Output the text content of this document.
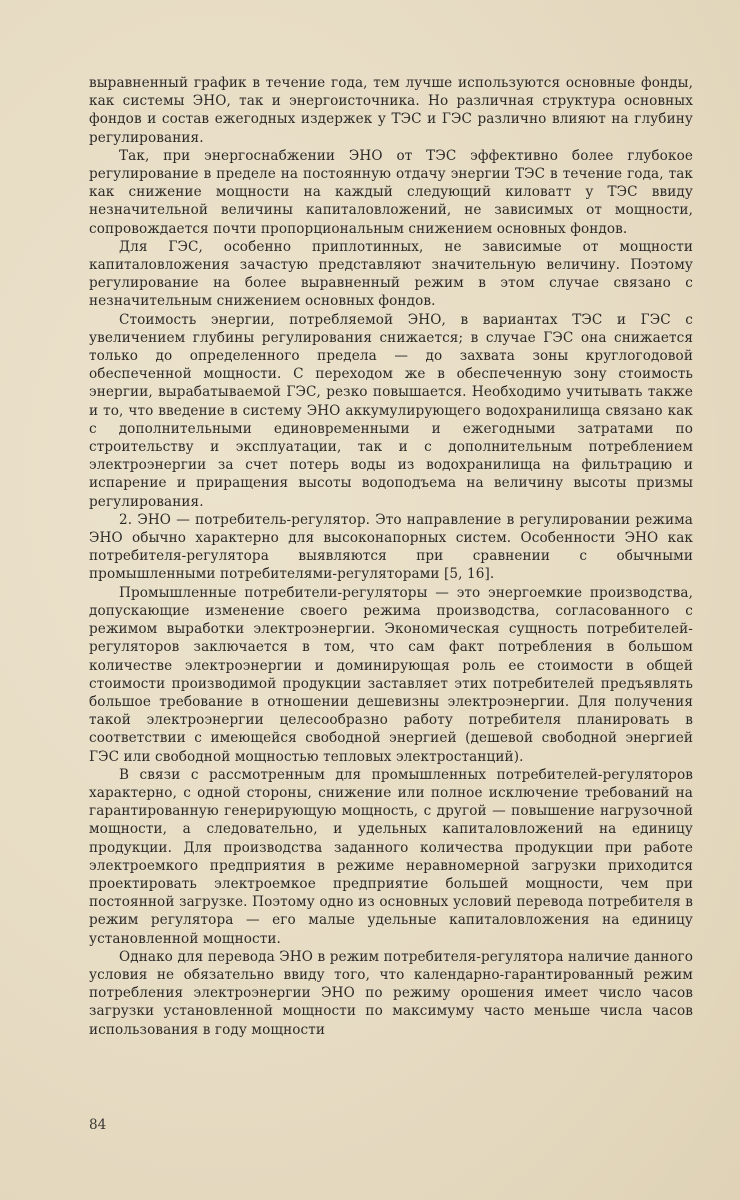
выравненный график в течение года, тем лучше используются основные фонды, как системы ЭНО, так и энергоисточника. Но различная структура основных фондов и состав ежегодных издержек у ТЭС и ГЭС различно влияют на глубину регулирования.

Так, при энергоснабжении ЭНО от ТЭС эффективно более глубокое регулирование в пределе на постоянную отдачу энергии ТЭС в течение года, так как снижение мощности на каждый следующий киловатт у ТЭС ввиду незначительной величины капиталовложений, не зависимых от мощности, сопровождается почти пропорциональным снижением основных фондов.

Для ГЭС, особенно приплотинных, не зависимые от мощности капиталовложения зачастую представляют значительную величину. Поэтому регулирование на более выравненный режим в этом случае связано с незначительным снижением основных фондов.

Стоимость энергии, потребляемой ЭНО, в вариантах ТЭС и ГЭС с увеличением глубины регулирования снижается; в случае ГЭС она снижается только до определенного предела — до захвата зоны круглогодовой обеспеченной мощности. С переходом же в обеспеченную зону стоимость энергии, вырабатываемой ГЭС, резко повышается. Необходимо учитывать также и то, что введение в систему ЭНО аккумулирующего водохранилища связано как с дополнительными единовременными и ежегодными затратами по строительству и эксплуатации, так и с дополнительным потреблением электроэнергии за счет потерь воды из водохранилища на фильтрацию и испарение и приращения высоты водоподъема на величину высоты призмы регулирования.

2. ЭНО — потребитель-регулятор. Это направление в регулировании режима ЭНО обычно характерно для высоконапорных систем. Особенности ЭНО как потребителя-регулятора выявляются при сравнении с обычными промышленными потребителями-регуляторами [5, 16].

Промышленные потребители-регуляторы — это энергоемкие производства, допускающие изменение своего режима производства, согласованного с режимом выработки электроэнергии. Экономическая сущность потребителей-регуляторов заключается в том, что сам факт потребления в большом количестве электроэнергии и доминирующая роль ее стоимости в общей стоимости производимой продукции заставляет этих потребителей предъявлять большое требование в отношении дешевизны электроэнергии. Для получения такой электроэнергии целесообразно работу потребителя планировать в соответствии с имеющейся свободной энергией (дешевой свободной энергией ГЭС или свободной мощностью тепловых электростанций).

В связи с рассмотренным для промышленных потребителей-регуляторов характерно, с одной стороны, снижение или полное исключение требований на гарантированную генерирующую мощность, с другой — повышение нагрузочной мощности, а следовательно, и удельных капиталовложений на единицу продукции. Для производства заданного количества продукции при работе электроемкого предприятия в режиме неравномерной загрузки приходится проектировать электроемкое предприятие большей мощности, чем при постоянной загрузке. Поэтому одно из основных условий перевода потребителя в режим регулятора — его малые удельные капиталовложения на единицу установленной мощности.

Однако для перевода ЭНО в режим потребителя-регулятора наличие данного условия не обязательно ввиду того, что календарно-гарантированный режим потребления электроэнергии ЭНО по режиму орошения имеет число часов загрузки установленной мощности по максимуму часто меньше числа часов использования в году мощности

84
